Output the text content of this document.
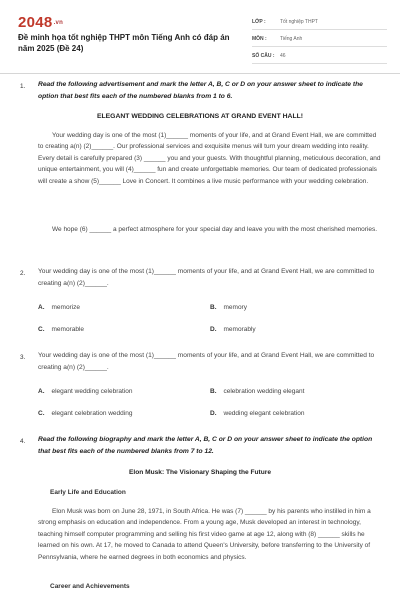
2048.vn
Đề minh họa tốt nghiệp THPT môn Tiếng Anh có đáp án năm 2025 (Đề 24)
LỚP :	Tốt nghiệp THPT
MÔN :	Tiếng Anh
SỐ CÂU :	46
1. Read the following advertisement and mark the letter A, B, C or D on your answer sheet to indicate the option that best fits each of the numbered blanks from 1 to 6.
ELEGANT WEDDING CELEBRATIONS AT GRAND EVENT HALL!
Your wedding day is one of the most (1)______ moments of your life, and at Grand Event Hall, we are committed to creating a(n) (2)______. Our professional services and exquisite menus will turn your dream wedding into reality. Every detail is carefully prepared (3) ______ you and your guests. With thoughtful planning, meticulous decoration, and unique entertainment, you will (4)______ fun and create unforgettable memories. Our team of dedicated professionals will create a show (5)______ Love in Concert. It combines a live music performance with your wedding celebration.
We hope (6) ______ a perfect atmosphere for your special day and leave you with the most cherished memories.
2. Your wedding day is one of the most (1)______ moments of your life, and at Grand Event Hall, we are committed to creating a(n) (2)______.
A. memorize	B. memory
C. memorable	D. memorably
3. Your wedding day is one of the most (1)______ moments of your life, and at Grand Event Hall, we are committed to creating a(n) (2)______.
A. elegant wedding celebration	B. celebration wedding elegant
C. elegant celebration wedding	D. wedding elegant celebration
4. Read the following biography and mark the letter A, B, C or D on your answer sheet to indicate the option that best fits each of the numbered blanks from 7 to 12.
Elon Musk: The Visionary Shaping the Future
Early Life and Education
Elon Musk was born on June 28, 1971, in South Africa. He was (7) ______ by his parents who instilled in him a strong emphasis on education and independence. From a young age, Musk developed an interest in technology, teaching himself computer programming and selling his first video game at age 12, along with (8) ______ skills he learned on his own. At 17, he moved to Canada to attend Queen's University, before transferring to the University of Pennsylvania, where he earned degrees in both economics and physics.
Career and Achievements
